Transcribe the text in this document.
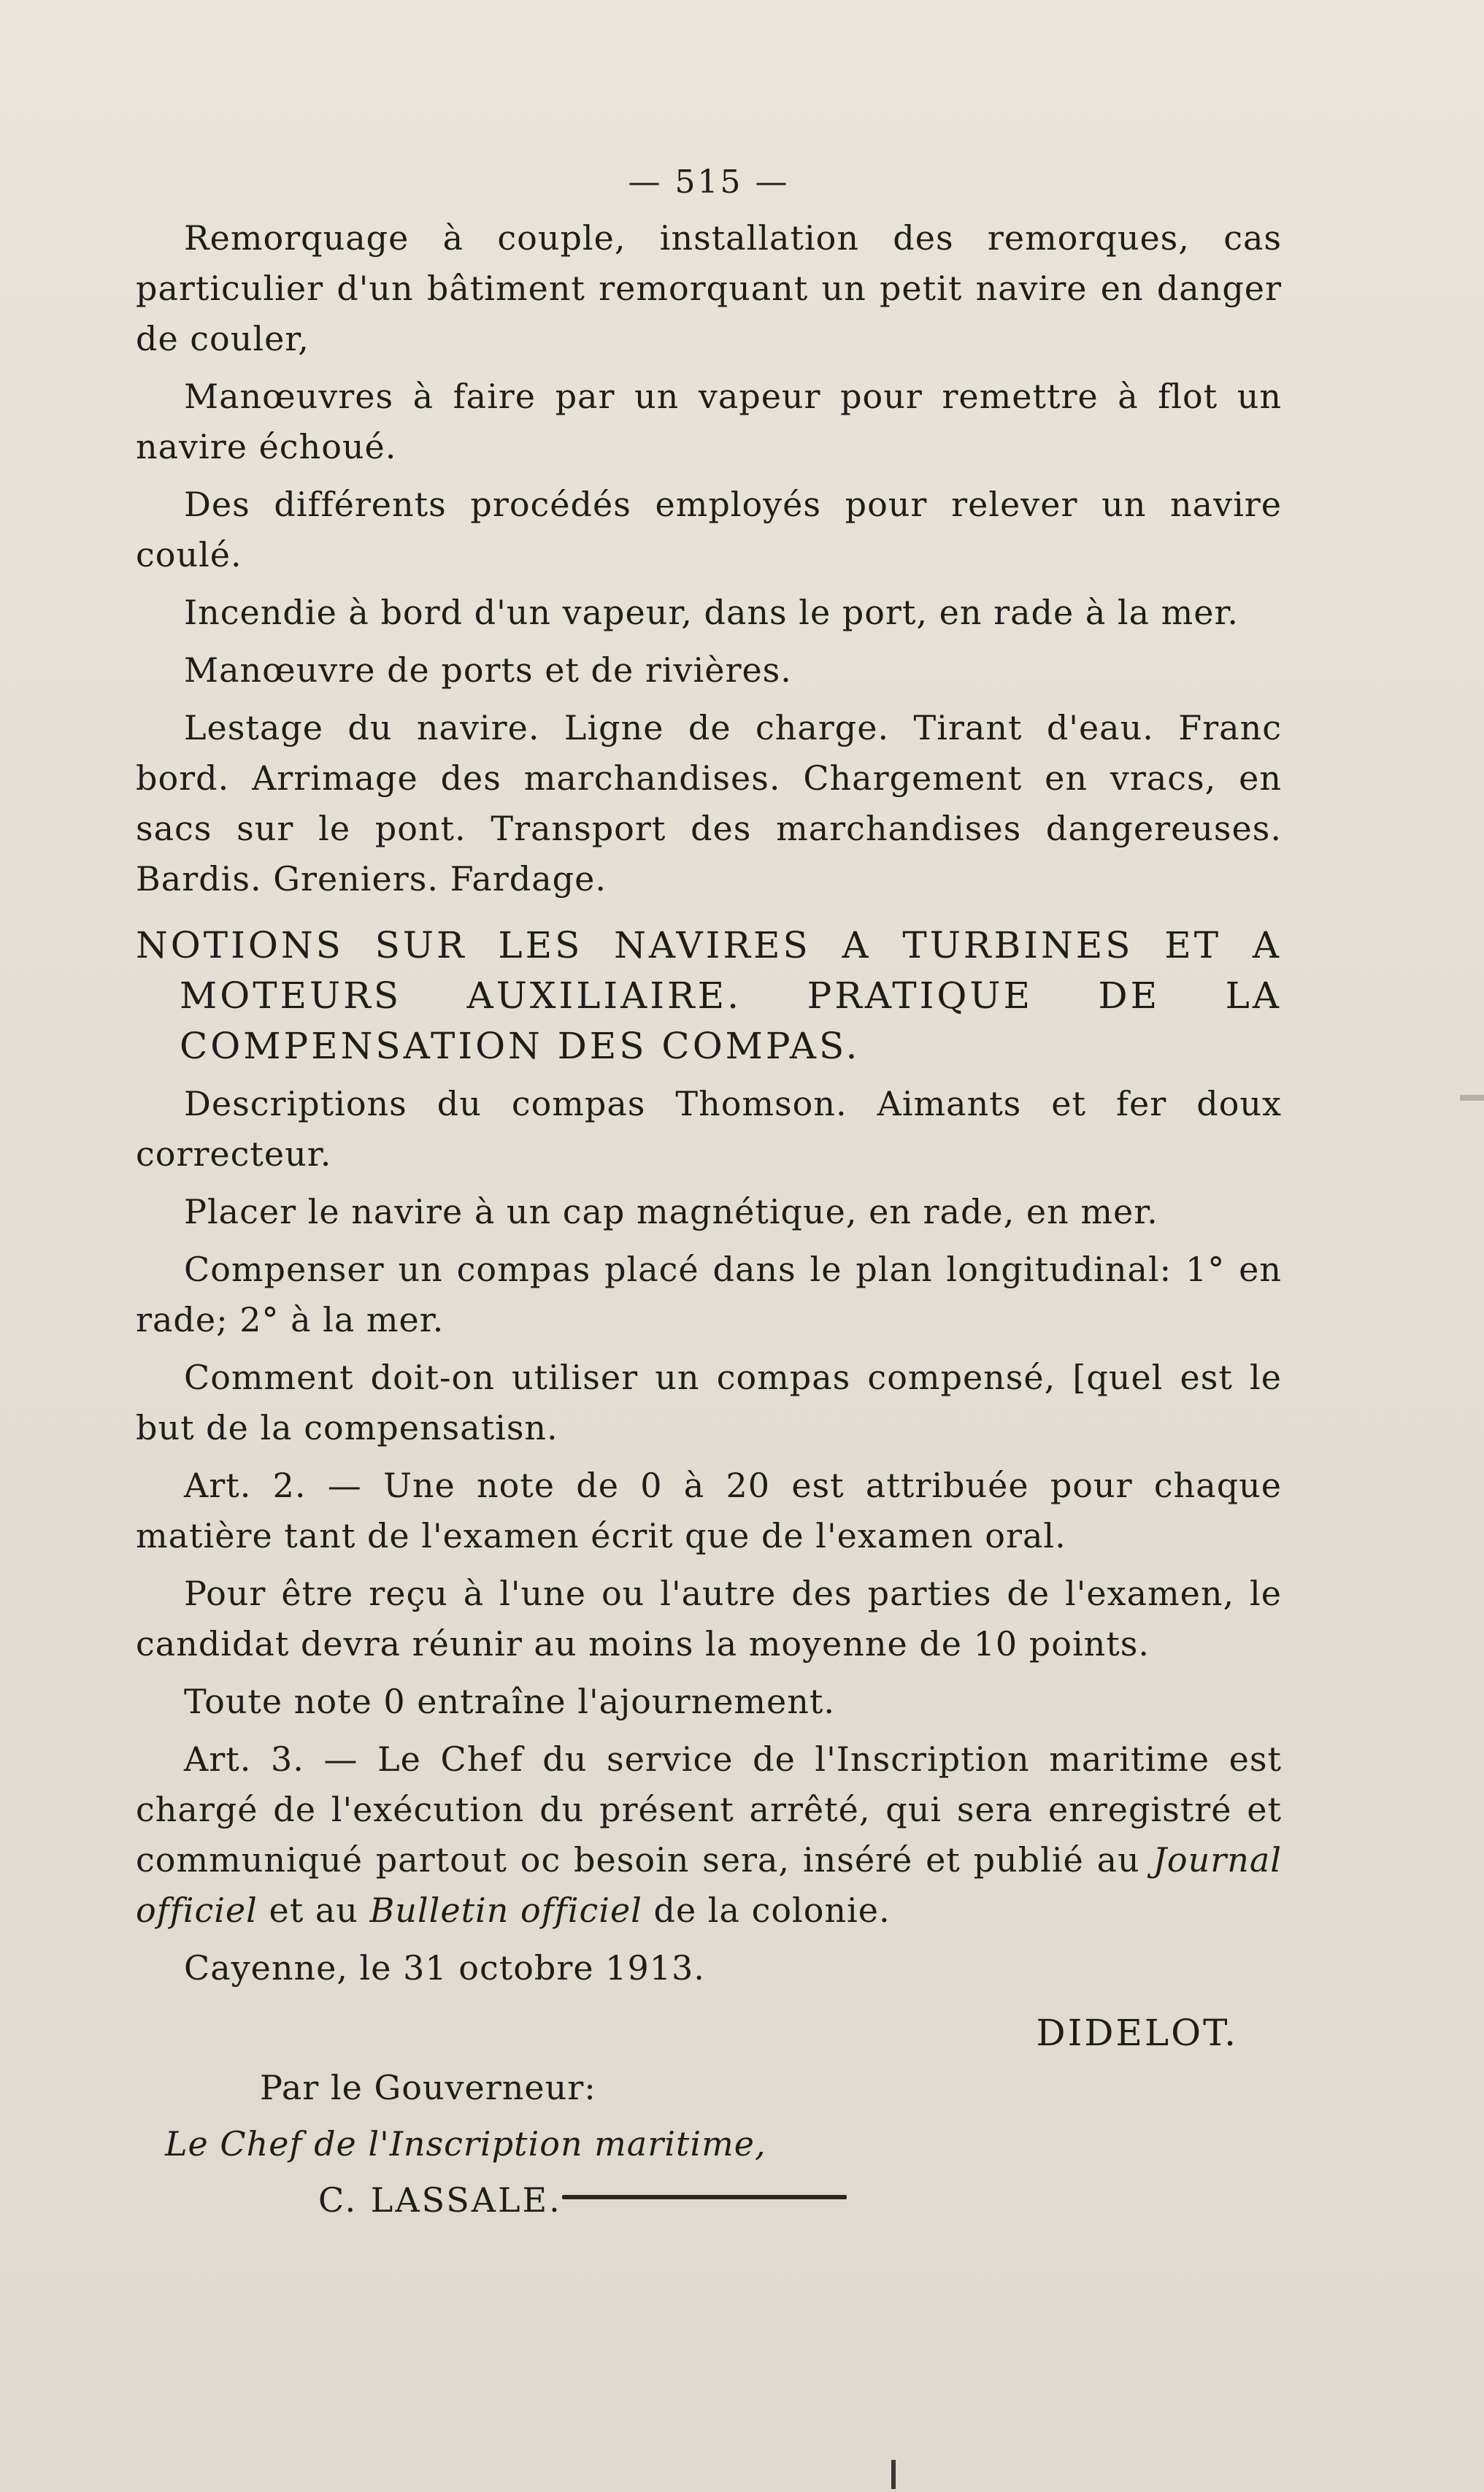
— 515 —

Remorquage à couple, installation des remorques, cas particulier d'un bâtiment remorquant un petit navire en danger de couler,

Manœuvres à faire par un vapeur pour remettre à flot un navire échoué.

Des différents procédés employés pour relever un navire coulé.

Incendie à bord d'un vapeur, dans le port, en rade à la mer.

Manœuvre de ports et de rivières.

Lestage du navire. Ligne de charge. Tirant d'eau. Franc bord. Arrimage des marchandises. Chargement en vracs, en sacs sur le pont. Transport des marchandises dangereuses. Bardis. Greniers. Fardage.

NOTIONS SUR LES NAVIRES A TURBINES ET A MOTEURS AUXILIAIRE. PRATIQUE DE LA COMPENSATION DES COMPAS.

Descriptions du compas Thomson. Aimants et fer doux correcteur.

Placer le navire à un cap magnétique, en rade, en mer.

Compenser un compas placé dans le plan longitudinal: 1° en rade; 2° à la mer.

Comment doit-on utiliser un compas compensé, [quel est le but de la compensatisn.

Art. 2. — Une note de 0 à 20 est attribuée pour chaque matière tant de l'examen écrit que de l'examen oral.

Pour être reçu à l'une ou l'autre des parties de l'examen, le candidat devra réunir au moins la moyenne de 10 points.

Toute note 0 entraîne l'ajournement.

Art. 3. — Le Chef du service de l'Inscription maritime est chargé de l'exécution du présent arrêté, qui sera enregistré et communiqué partout oc besoin sera, inséré et publié au Journal officiel et au Bulletin officiel de la colonie.

Cayenne, le 31 octobre 1913.

DIDELOT.
Par le Gouverneur:
Le Chef de l'Inscription maritime,
C. LASSALE.
